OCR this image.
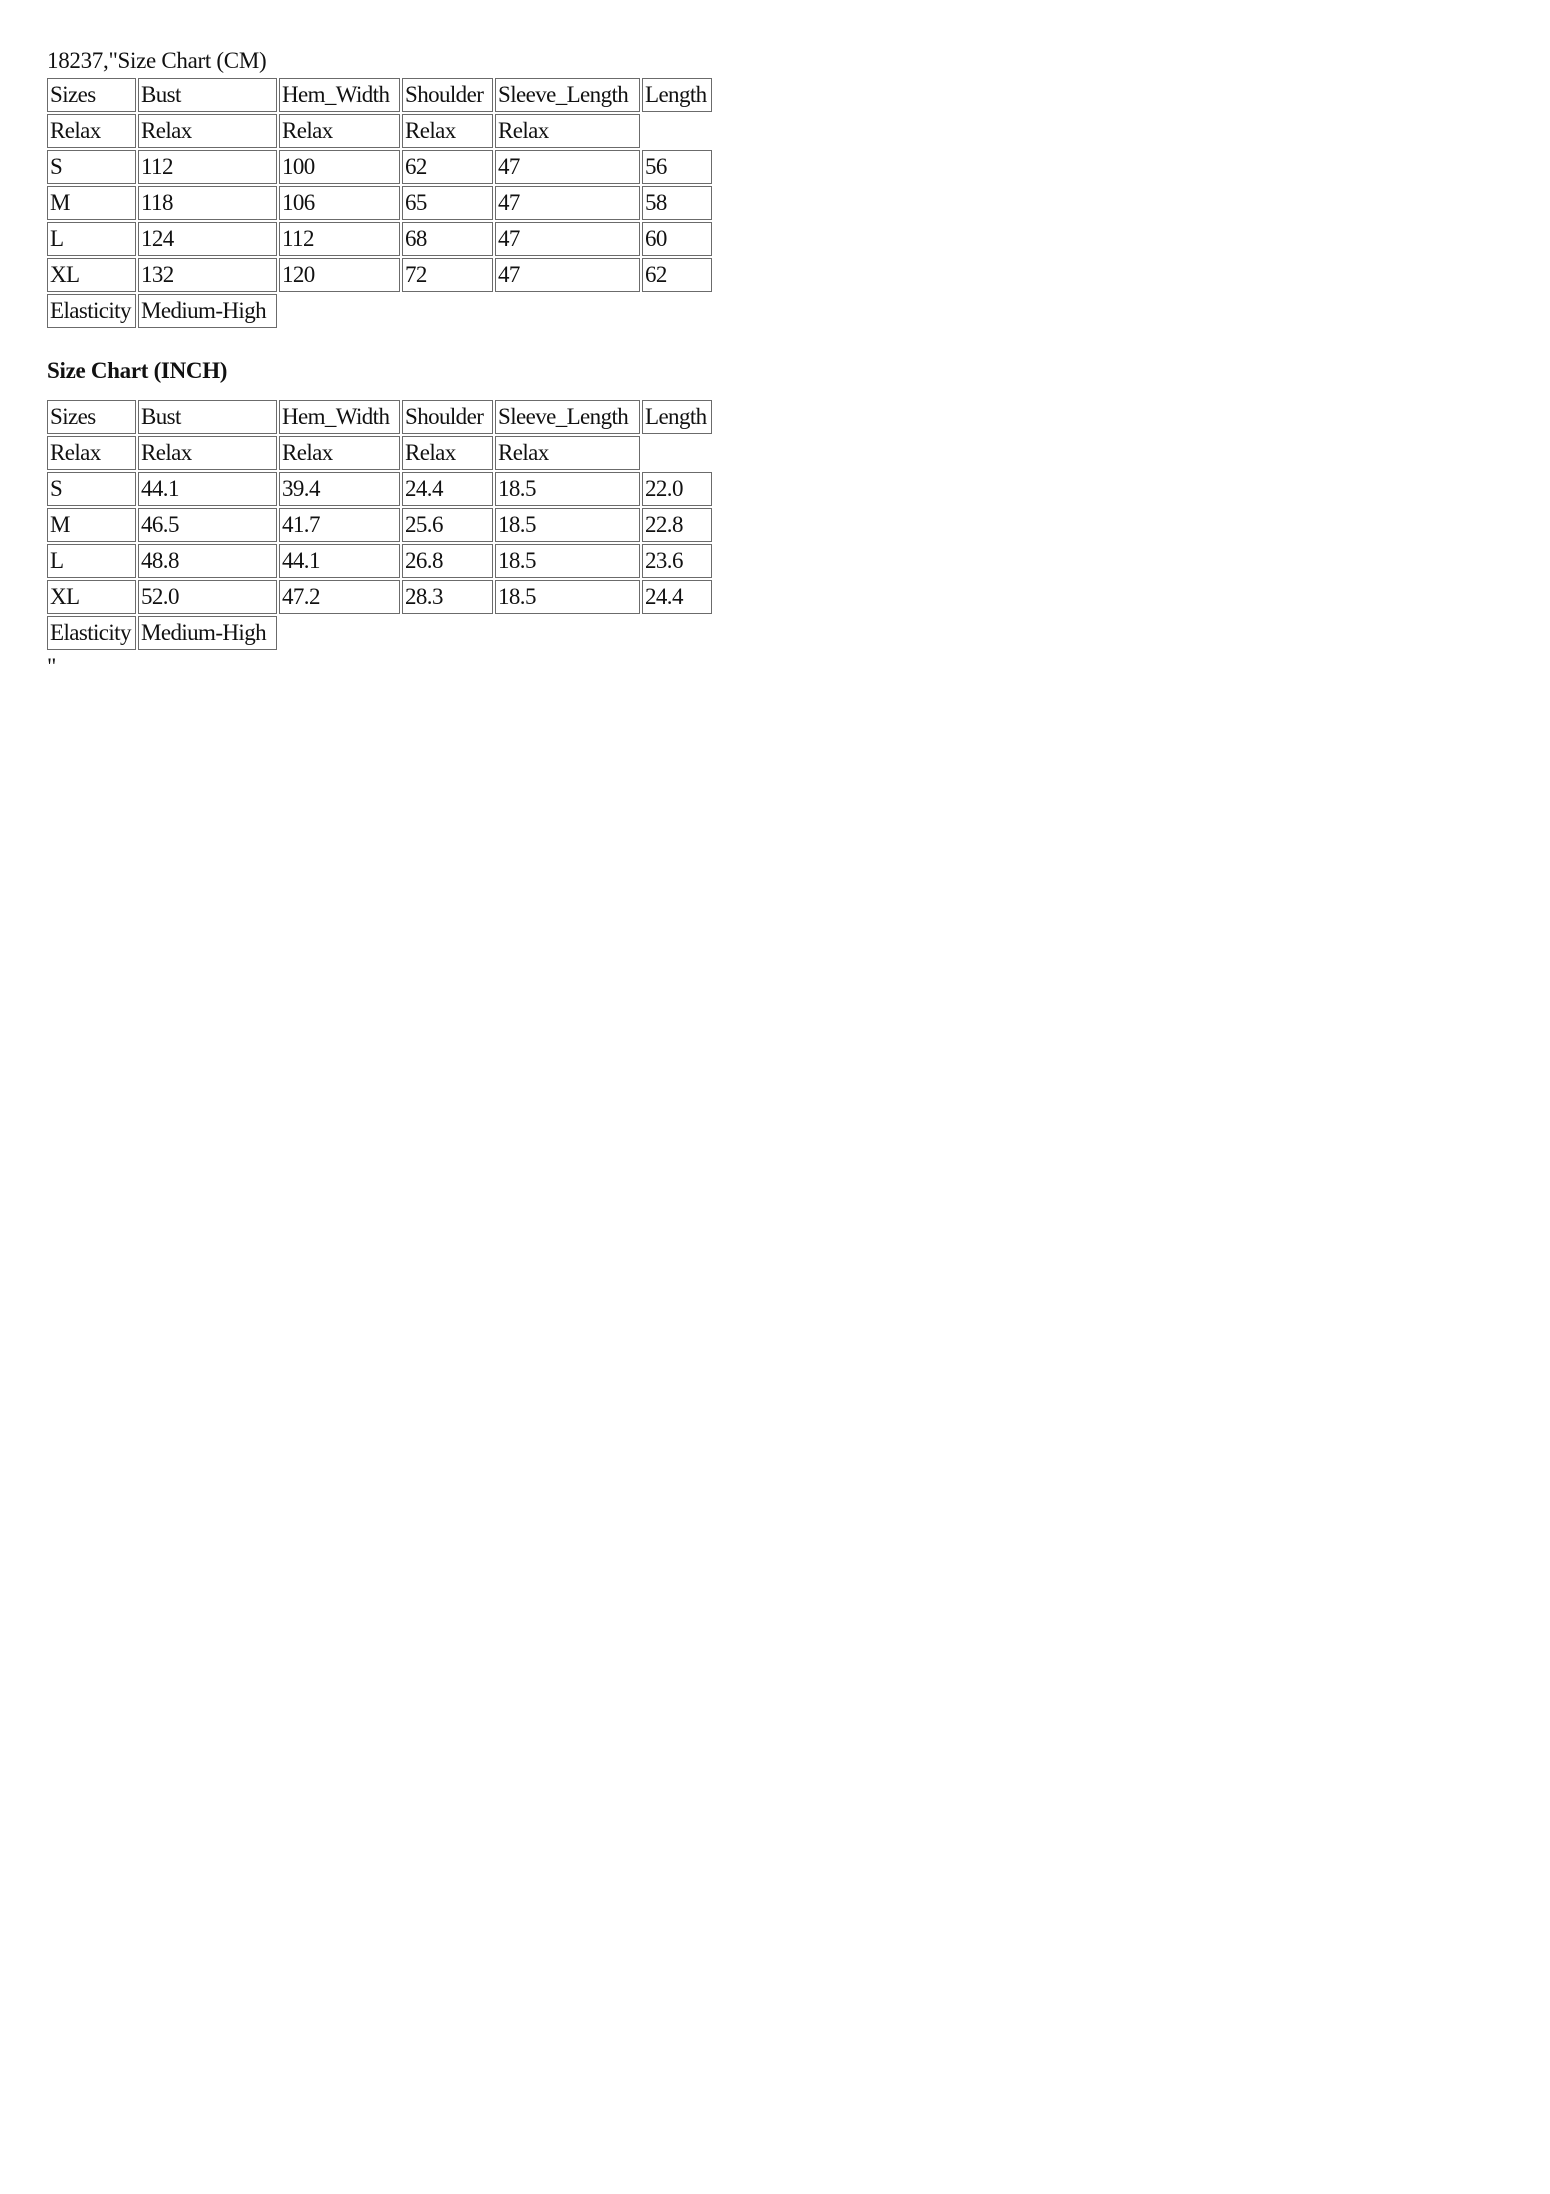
18237,"Size Chart (CM)
Sizes	Bust	Hem_Width	Shoulder	Sleeve_Length	Length
Relax	Relax	Relax	Relax	Relax	
S	112	100	62	47	56
M	118	106	65	47	58
L	124	112	68	47	60
XL	132	120	72	47	62
Elasticity	Medium-High				
Size Chart (INCH)
Sizes	Bust	Hem_Width	Shoulder	Sleeve_Length	Length
Relax	Relax	Relax	Relax	Relax	
S	44.1	39.4	24.4	18.5	22.0
M	46.5	41.7	25.6	18.5	22.8
L	48.8	44.1	26.8	18.5	23.6
XL	52.0	47.2	28.3	18.5	24.4
Elasticity	Medium-High				
"
